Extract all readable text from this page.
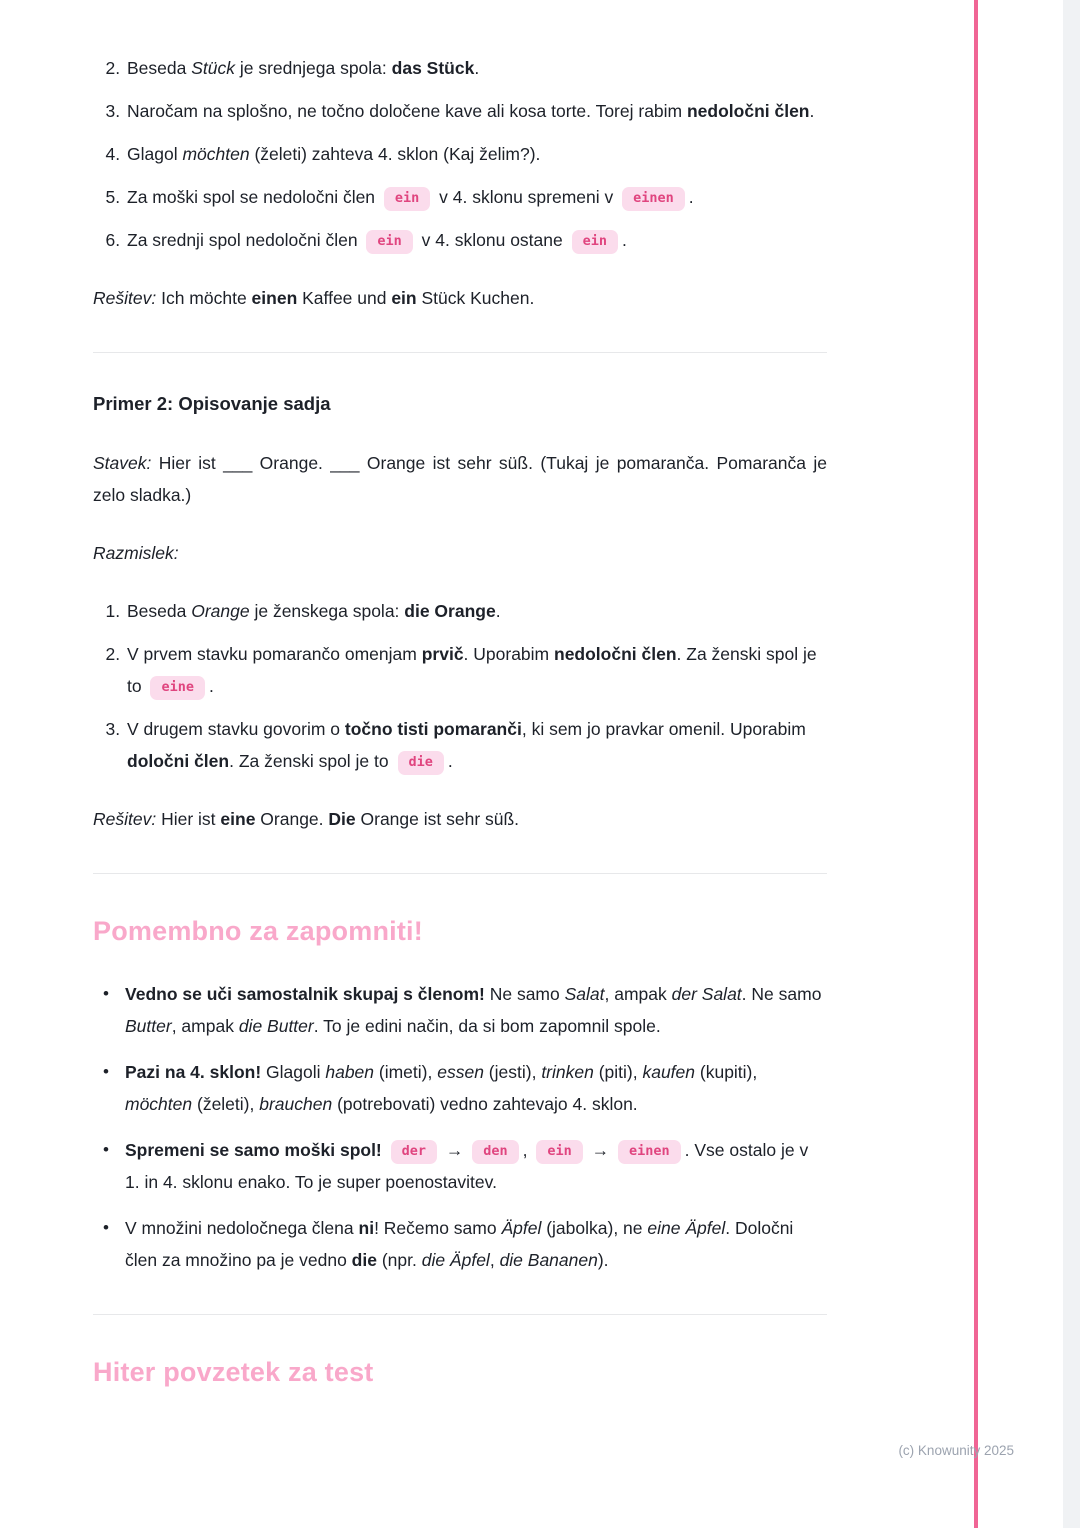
2. Beseda Stück je srednjega spola: das Stück.
3. Naročam na splošno, ne točno določene kave ali kosa torte. Torej rabim nedoločni člen.
4. Glagol möchten (želeti) zahteva 4. sklon (Kaj želim?).
5. Za moški spol se nedoločni člen ein v 4. sklonu spremeni v einen .
6. Za srednji spol nedoločni člen ein v 4. sklonu ostane ein .

Rešitev: Ich möchte einen Kaffee und ein Stück Kuchen.

Primer 2: Opisovanje sadja

Stavek: Hier ist ___ Orange. ___ Orange ist sehr süß. (Tukaj je pomaranča. Pomaranča je zelo sladka.)

Razmislek:

1. Beseda Orange je ženskega spola: die Orange.
2. V prvem stavku pomarančo omenjam prvič. Uporabim nedoločni člen. Za ženski spol je to eine .
3. V drugem stavku govorim o točno tisti pomaranči, ki sem jo pravkar omenil. Uporabim določni člen. Za ženski spol je to die .

Rešitev: Hier ist eine Orange. Die Orange ist sehr süß.

Pomembno za zapomniti!
• Vedno se uči samostalnik skupaj s členom! Ne samo Salat, ampak der Salat. Ne samo Butter, ampak die Butter. To je edini način, da si bom zapomnil spole.
• Pazi na 4. sklon! Glagoli haben (imeti), essen (jesti), trinken (piti), kaufen (kupiti), möchten (želeti), brauchen (potrebovati) vedno zahtevajo 4. sklon.
• Spremeni se samo moški spol! der → den , ein → einen . Vse ostalo je v 1. in 4. sklonu enako. To je super poenostavitev.
• V množini nedoločnega člena ni! Rečemo samo Äpfel (jabolka), ne eine Äpfel. Določni člen za množino pa je vedno die (npr. die Äpfel, die Bananen).
Hiter povzetek za test
(c) Knowunity 2025
